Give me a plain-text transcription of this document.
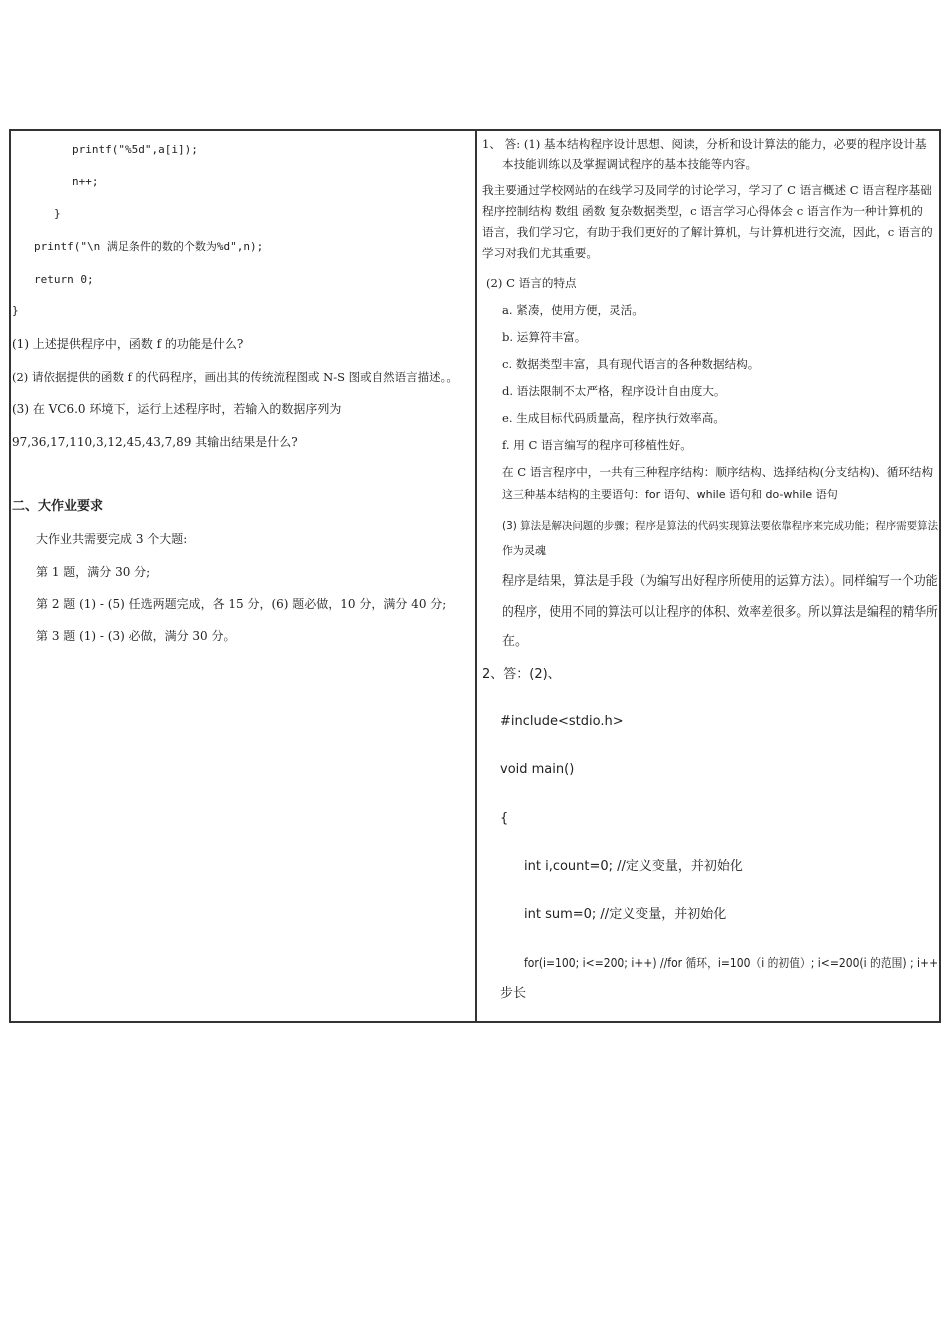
printf("%5d",a[i]);
n++;
}
printf("\n 满足条件的数的个数为%d",n);
return 0;
}
(1) 上述提供程序中，函数 f 的功能是什么?
(2) 请依据提供的函数 f 的代码程序，画出其的传统流程图或 N-S 图或自然语言描述。。
(3) 在 VC6.0 环境下，运行上述程序时，若输入的数据序列为
97,36,17,110,3,12,45,43,7,89 其输出结果是什么?
二、大作业要求
大作业共需要完成 3 个大题:
第 1 题，满分 30 分;
第 2 题 (1) - (5) 任选两题完成，各 15 分，(6) 题必做，10 分，满分 40 分;
第 3 题 (1) - (3) 必做，满分 30 分。
1、 答: (1) 基本结构程序设计思想、阅读，分析和设计算法的能力，必要的程序设计基
本技能训练以及掌握调试程序的基本技能等内容。
我主要通过学校网站的在线学习及同学的讨论学习，学习了 C 语言概述 C 语言程序基础
程序控制结构 数组 函数 复杂数据类型，c 语言学习心得体会 c 语言作为一种计算机的
语言，我们学习它，有助于我们更好的了解计算机，与计算机进行交流，因此，c 语言的
学习对我们尤其重要。
(2) C 语言的特点
a. 紧凑，使用方便，灵活。
b. 运算符丰富。
c. 数据类型丰富，具有现代语言的各种数据结构。
d. 语法限制不太严格，程序设计自由度大。
e. 生成目标代码质量高，程序执行效率高。
f. 用 C 语言编写的程序可移植性好。
在 C 语言程序中，一共有三种程序结构：顺序结构、选择结构(分支结构)、循环结构
这三种基本结构的主要语句：for 语句、while 语句和 do-while 语句
(3) 算法是解决问题的步骤；程序是算法的代码实现算法要依靠程序来完成功能；程序需要算法
作为灵魂
程序是结果，算法是手段（为编写出好程序所使用的运算方法）。同样编写一个功能
的程序，使用不同的算法可以让程序的体积、效率差很多。所以算法是编程的精华所
在。
2、答：(2)、
#include<stdio.h>
void main()
{
int i,count=0; //定义变量，并初始化
int sum=0; //定义变量，并初始化
for(i=100; i<=200; i++) //for 循环，i=100（i 的初值）; i<=200(i 的范围) ; i++
步长
